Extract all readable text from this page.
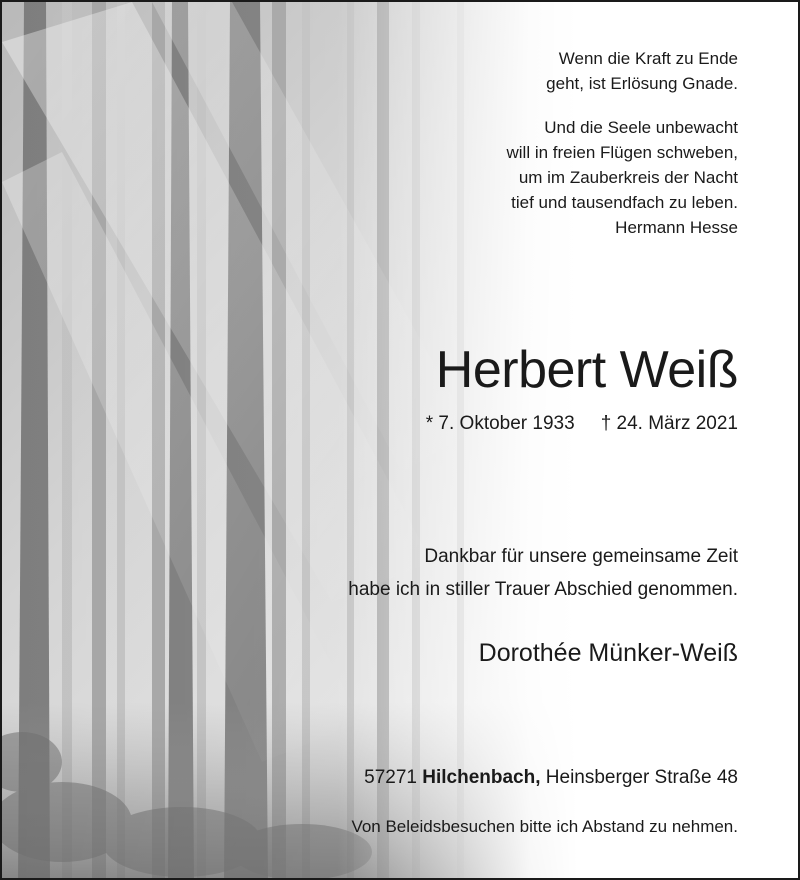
Wenn die Kraft zu Ende
geht, ist Erlösung Gnade.
Und die Seele unbewacht
will in freien Flügen schweben,
um im Zauberkreis der Nacht
tief und tausendfach zu leben.
Hermann Hesse
Herbert Weiß
* 7. Oktober 1933 † 24. März 2021
Dankbar für unsere gemeinsame Zeit
habe ich in stiller Trauer Abschied genommen.
Dorothée Münker-Weiß
57271 Hilchenbach, Heinsberger Straße 48
Von Beleidsbesuchen bitte ich Abstand zu nehmen.
